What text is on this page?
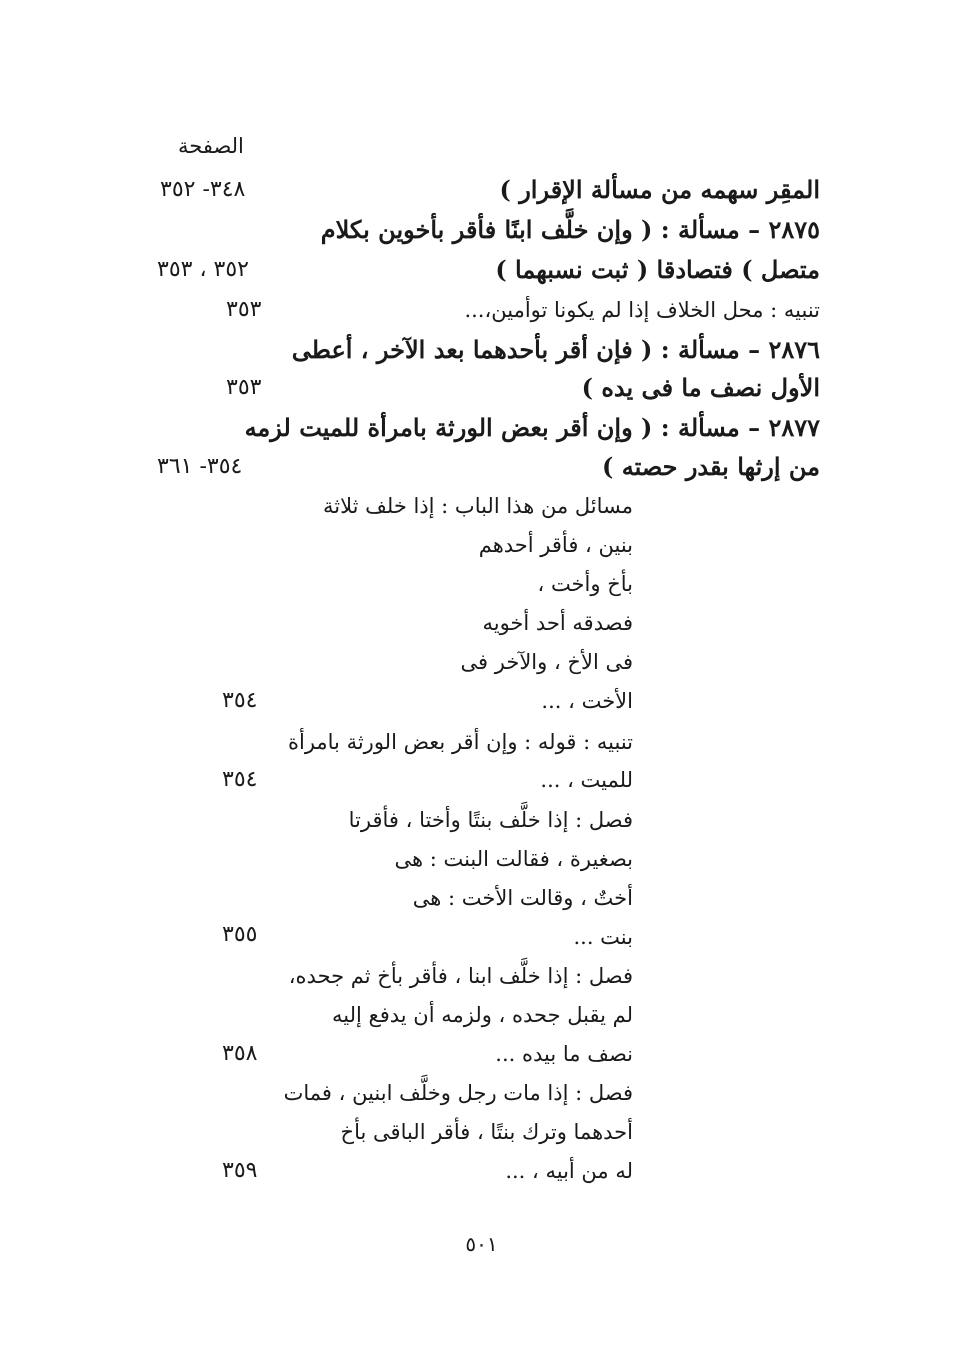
الصفحة
المقِر سهمه من مسألة الإقرار )
٣٤٨- ٣٥٢
٢٨٧٥ – مسألة : ( وإن خلَّف ابنًا فأقر بأخوين بكلام
متصل ) فتصادقا ( ثبت نسبهما )
٣٥٢ ، ٣٥٣
تنبيه : محل الخلاف إذا لم يكونا توأمين،...
٣٥٣
٢٨٧٦ – مسألة : ( فإن أقر بأحدهما بعد الآخر ، أعطى
الأول نصف ما فى يده )
٣٥٣
٢٨٧٧ – مسألة : ( وإن أقر بعض الورثة بامرأة للميت لزمه
من إرثها بقدر حصته )
٣٥٤- ٣٦١
مسائل من هذا الباب : إذا خلف ثلاثة
بنين ، فأقر أحدهم
بأخ وأخت ،
فصدقه أحد أخويه
فى الأخ ، والآخر فى
الأخت ، ...
٣٥٤
تنبيه : قوله : وإن أقر بعض الورثة بامرأة
للميت ، ...
٣٥٤
فصل : إذا خلَّف بنتًا وأختا ، فأقرتا
بصغيرة ، فقالت البنت : هى
أختٌ ، وقالت الأخت : هى
بنت ...
٣٥٥
فصل : إذا خلَّف ابنا ، فأقر بأخ ثم جحده،
لم يقبل جحده ، ولزمه أن يدفع إليه
نصف ما بيده ...
٣٥٨
فصل : إذا مات رجل وخلَّف ابنين ، فمات
أحدهما وترك بنتًا ، فأقر الباقى بأخ
له من أبيه ، ...
٣٥٩
٥٠١
